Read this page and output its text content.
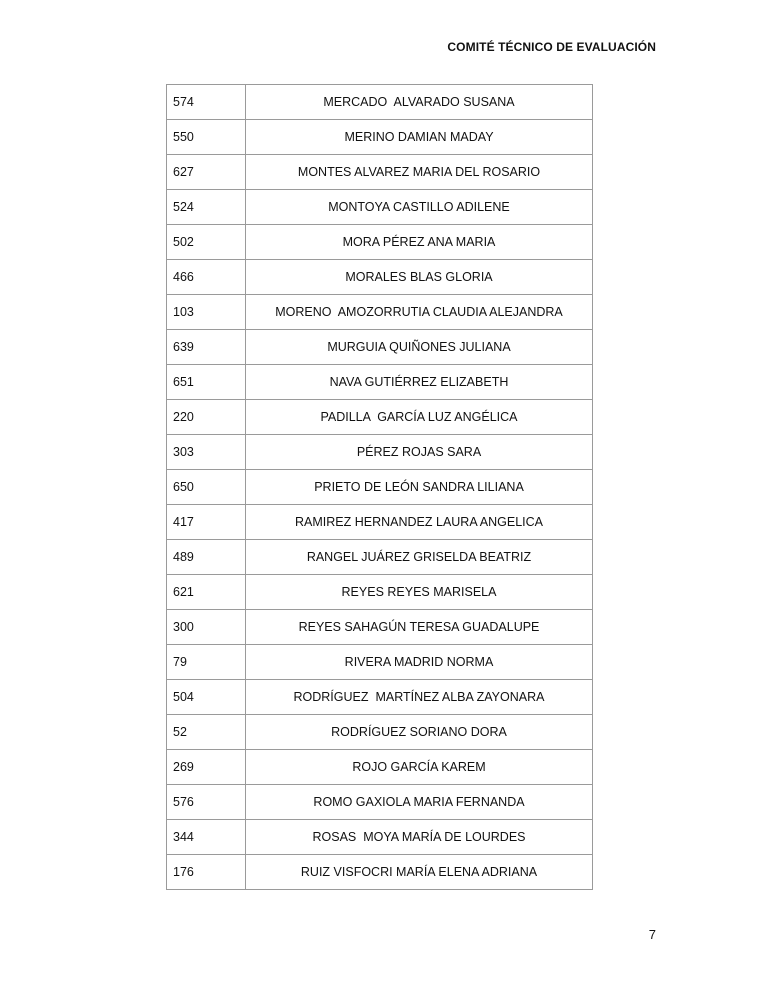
COMITÉ TÉCNICO DE EVALUACIÓN
574	MERCADO  ALVARADO SUSANA
550	MERINO DAMIAN MADAY
627	MONTES ALVAREZ MARIA DEL ROSARIO
524	MONTOYA CASTILLO ADILENE
502	MORA PÉREZ ANA MARIA
466	MORALES BLAS GLORIA
103	MORENO  AMOZORRUTIA CLAUDIA ALEJANDRA
639	MURGUIA QUIÑONES JULIANA
651	NAVA GUTIÉRREZ ELIZABETH
220	PADILLA  GARCÍA LUZ ANGÉLICA
303	PÉREZ ROJAS SARA
650	PRIETO DE LEÓN SANDRA LILIANA
417	RAMIREZ HERNANDEZ LAURA ANGELICA
489	RANGEL JUÁREZ GRISELDA BEATRIZ
621	REYES REYES MARISELA
300	REYES SAHAGÚN TERESA GUADALUPE
79	RIVERA MADRID NORMA
504	RODRÍGUEZ  MARTÍNEZ ALBA ZAYONARA
52	RODRÍGUEZ SORIANO DORA
269	ROJO GARCÍA KAREM
576	ROMO GAXIOLA MARIA FERNANDA
344	ROSAS  MOYA MARÍA DE LOURDES
176	RUIZ VISFOCRI MARÍA ELENA ADRIANA
7
